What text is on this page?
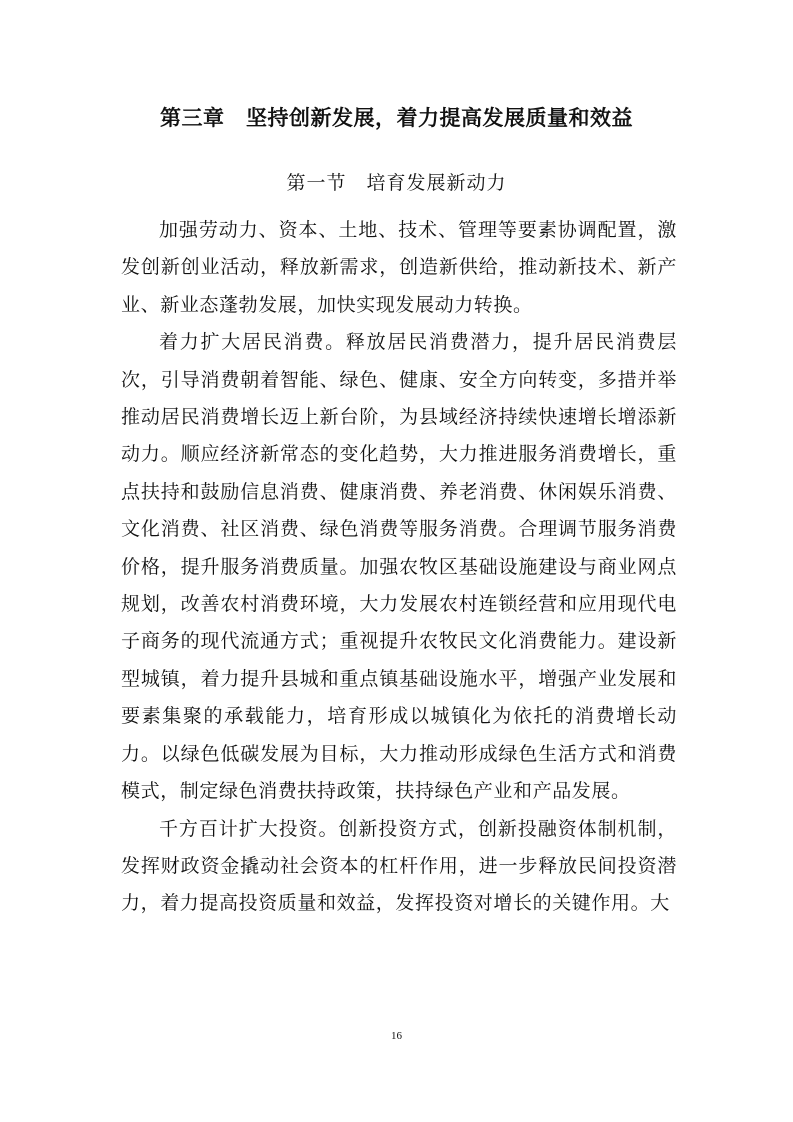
第三章　坚持创新发展，着力提高发展质量和效益
第一节　培育发展新动力

加强劳动力、资本、土地、技术、管理等要素协调配置，激发创新创业活动，释放新需求，创造新供给，推动新技术、新产业、新业态蓬勃发展，加快实现发展动力转换。

着力扩大居民消费。释放居民消费潜力，提升居民消费层次，引导消费朝着智能、绿色、健康、安全方向转变，多措并举推动居民消费增长迈上新台阶，为县域经济持续快速增长增添新动力。顺应经济新常态的变化趋势，大力推进服务消费增长，重点扶持和鼓励信息消费、健康消费、养老消费、休闲娱乐消费、文化消费、社区消费、绿色消费等服务消费。合理调节服务消费价格，提升服务消费质量。加强农牧区基础设施建设与商业网点规划，改善农村消费环境，大力发展农村连锁经营和应用现代电子商务的现代流通方式；重视提升农牧民文化消费能力。建设新型城镇，着力提升县城和重点镇基础设施水平，增强产业发展和要素集聚的承载能力，培育形成以城镇化为依托的消费增长动力。以绿色低碳发展为目标，大力推动形成绿色生活方式和消费模式，制定绿色消费扶持政策，扶持绿色产业和产品发展。

千方百计扩大投资。创新投资方式，创新投融资体制机制，发挥财政资金撬动社会资本的杠杆作用，进一步释放民间投资潜力，着力提高投资质量和效益，发挥投资对增长的关键作用。大

16
